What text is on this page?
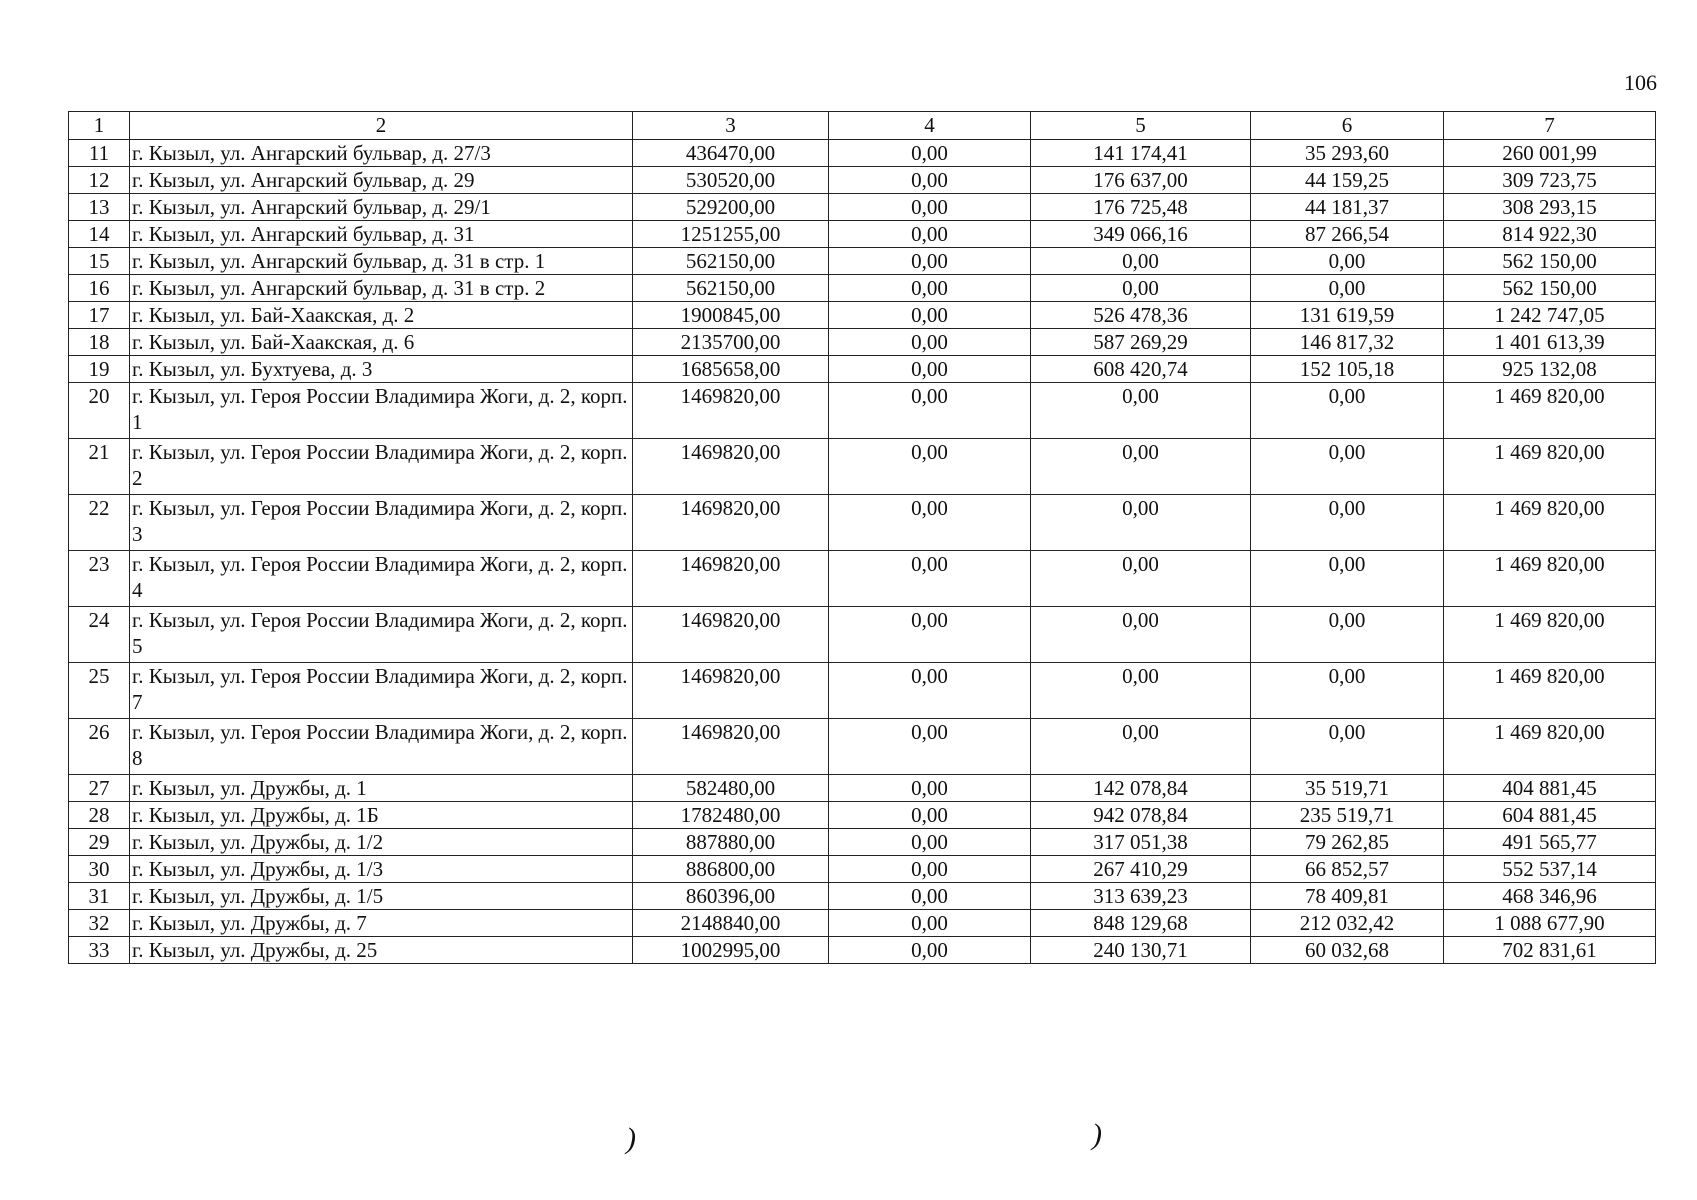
106
1	2	3	4	5	6	7
11	г. Кызыл, ул. Ангарский бульвар, д. 27/3	436470,00	0,00	141 174,41	35 293,60	260 001,99
12	г. Кызыл, ул. Ангарский бульвар, д. 29	530520,00	0,00	176 637,00	44 159,25	309 723,75
13	г. Кызыл, ул. Ангарский бульвар, д. 29/1	529200,00	0,00	176 725,48	44 181,37	308 293,15
14	г. Кызыл, ул. Ангарский бульвар, д. 31	1251255,00	0,00	349 066,16	87 266,54	814 922,30
15	г. Кызыл, ул. Ангарский бульвар, д. 31 в стр. 1	562150,00	0,00	0,00	0,00	562 150,00
16	г. Кызыл, ул. Ангарский бульвар, д. 31 в стр. 2	562150,00	0,00	0,00	0,00	562 150,00
17	г. Кызыл, ул. Бай-Хаакская, д. 2	1900845,00	0,00	526 478,36	131 619,59	1 242 747,05
18	г. Кызыл, ул. Бай-Хаакская, д. 6	2135700,00	0,00	587 269,29	146 817,32	1 401 613,39
19	г. Кызыл, ул. Бухтуева, д. 3	1685658,00	0,00	608 420,74	152 105,18	925 132,08
20	г. Кызыл, ул. Героя России Владимира Жоги, д. 2, корп. 1	1469820,00	0,00	0,00	0,00	1 469 820,00
21	г. Кызыл, ул. Героя России Владимира Жоги, д. 2, корп. 2	1469820,00	0,00	0,00	0,00	1 469 820,00
22	г. Кызыл, ул. Героя России Владимира Жоги, д. 2, корп. 3	1469820,00	0,00	0,00	0,00	1 469 820,00
23	г. Кызыл, ул. Героя России Владимира Жоги, д. 2, корп. 4	1469820,00	0,00	0,00	0,00	1 469 820,00
24	г. Кызыл, ул. Героя России Владимира Жоги, д. 2, корп. 5	1469820,00	0,00	0,00	0,00	1 469 820,00
25	г. Кызыл, ул. Героя России Владимира Жоги, д. 2, корп. 7	1469820,00	0,00	0,00	0,00	1 469 820,00
26	г. Кызыл, ул. Героя России Владимира Жоги, д. 2, корп. 8	1469820,00	0,00	0,00	0,00	1 469 820,00
27	г. Кызыл, ул. Дружбы, д. 1	582480,00	0,00	142 078,84	35 519,71	404 881,45
28	г. Кызыл, ул. Дружбы, д. 1Б	1782480,00	0,00	942 078,84	235 519,71	604 881,45
29	г. Кызыл, ул. Дружбы, д. 1/2	887880,00	0,00	317 051,38	79 262,85	491 565,77
30	г. Кызыл, ул. Дружбы, д. 1/3	886800,00	0,00	267 410,29	66 852,57	552 537,14
31	г. Кызыл, ул. Дружбы, д. 1/5	860396,00	0,00	313 639,23	78 409,81	468 346,96
32	г. Кызыл, ул. Дружбы, д. 7	2148840,00	0,00	848 129,68	212 032,42	1 088 677,90
33	г. Кызыл, ул. Дружбы, д. 25	1002995,00	0,00	240 130,71	60 032,68	702 831,61
)	)
